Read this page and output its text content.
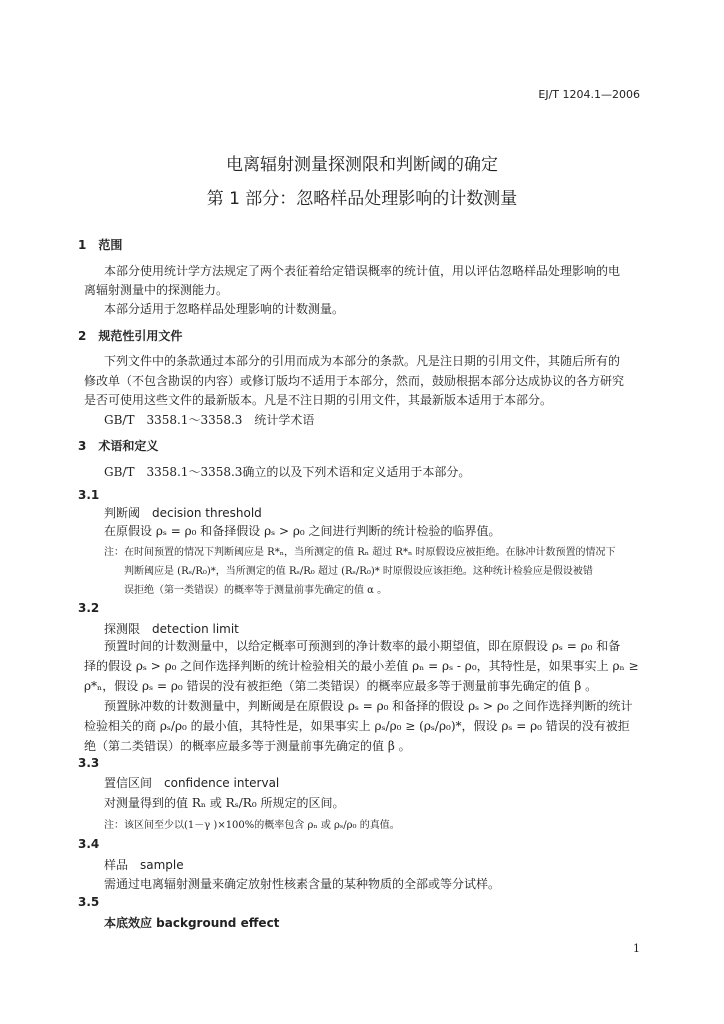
EJ/T 1204.1—2006
电离辐射测量探测限和判断阈的确定
第 1 部分：忽略样品处理影响的计数测量
1　范围
本部分使用统计学方法规定了两个表征着给定错误概率的统计值，用以评估忽略样品处理影响的电
离辐射测量中的探测能力。
本部分适用于忽略样品处理影响的计数测量。
2　规范性引用文件
下列文件中的条款通过本部分的引用而成为本部分的条款。凡是注日期的引用文件，其随后所有的
修改单（不包含勘误的内容）或修订版均不适用于本部分，然而，鼓励根据本部分达成协议的各方研究
是否可使用这些文件的最新版本。凡是不注日期的引用文件，其最新版本适用于本部分。
GB/T　3358.1～3358.3　统计学术语
3　术语和定义
GB/T　3358.1～3358.3确立的以及下列术语和定义适用于本部分。
3.1
判断阈　decision threshold
在原假设 ρₛ = ρ₀ 和备择假设 ρₛ > ρ₀ 之间进行判断的统计检验的临界值。
注：在时间预置的情况下判断阈应是 R*ₙ，当所测定的值 Rₙ 超过 R*ₙ 时原假设应被拒绝。在脉冲计数预置的情况下
判断阈应是 (Rₛ/R₀)*，当所测定的值 Rₛ/R₀ 超过 (Rₛ/R₀)* 时原假设应该拒绝。这种统计检验应是假设被错
误拒绝（第一类错误）的概率等于测量前事先确定的值 α 。
3.2
探测限　detection limit
预置时间的计数测量中，以给定概率可预测到的净计数率的最小期望值，即在原假设 ρₛ = ρ₀ 和备
择的假设 ρₛ > ρ₀ 之间作选择判断的统计检验相关的最小差值 ρₙ = ρₛ - ρ₀，其特性是，如果事实上 ρₙ ≥
ρ*ₙ，假设 ρₛ = ρ₀ 错误的没有被拒绝（第二类错误）的概率应最多等于测量前事先确定的值 β 。
预置脉冲数的计数测量中，判断阈是在原假设 ρₛ = ρ₀ 和备择的假设 ρₛ > ρ₀ 之间作选择判断的统计
检验相关的商 ρₛ/ρ₀ 的最小值，其特性是，如果事实上 ρₛ/ρ₀ ≥ (ρₛ/ρ₀)*，假设 ρₛ = ρ₀ 错误的没有被拒
绝（第二类错误）的概率应最多等于测量前事先确定的值 β 。
3.3
置信区间　confidence interval
对测量得到的值 Rₙ 或 Rₛ/R₀ 所规定的区间。
注：该区间至少以(1－γ )×100%的概率包含 ρₙ 或 ρₛ/ρ₀ 的真值。
3.4
样品　sample
需通过电离辐射测量来确定放射性核素含量的某种物质的全部或等分试样。
3.5
本底效应 background effect
1
